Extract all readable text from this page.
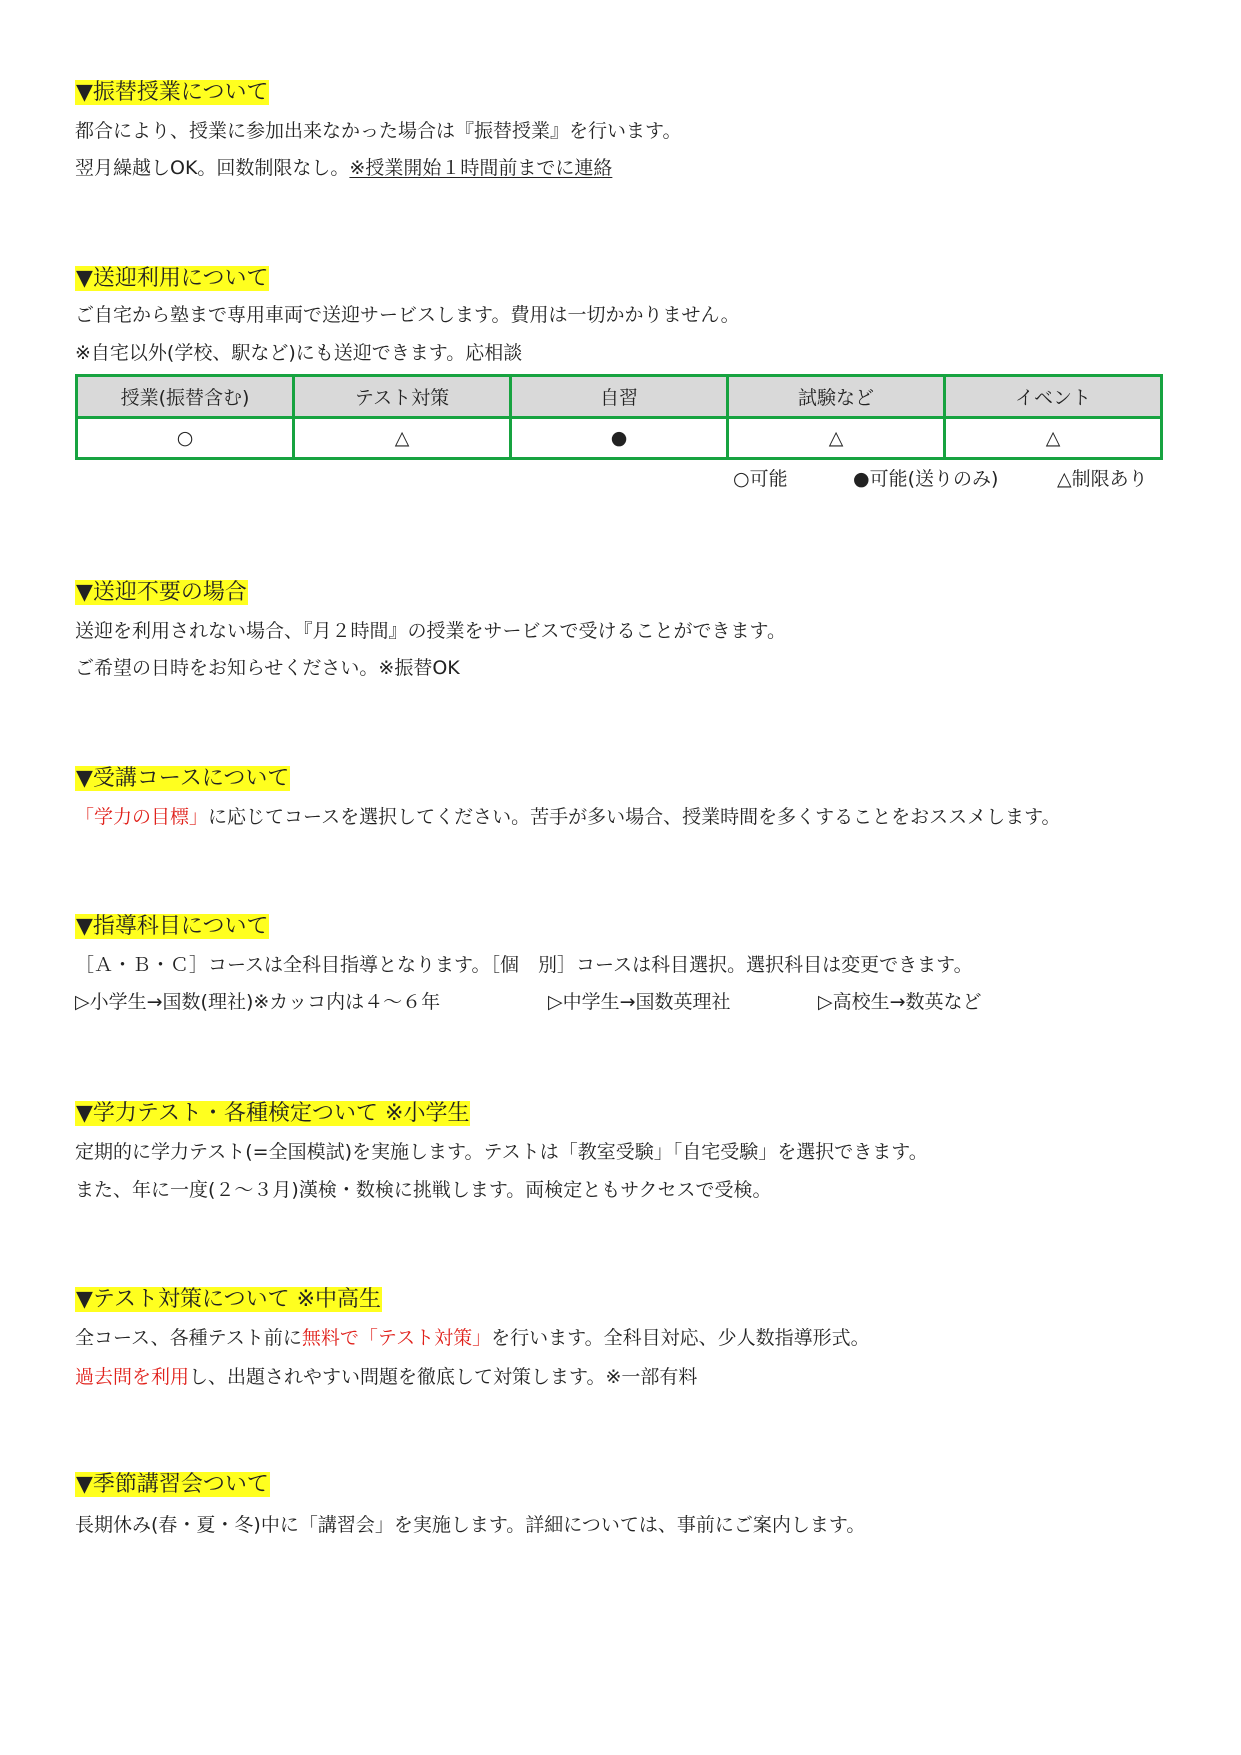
▼振替授業について

都合により、授業に参加出来なかった場合は『振替授業』を行います。

翌月繰越しOK。回数制限なし。※授業開始１時間前までに連絡

▼送迎利用について

ご自宅から塾まで専用車両で送迎サービスします。費用は一切かかりません。

※自宅以外(学校、駅など)にも送迎できます。応相談

授業(振替含む)	テスト対策	自習	試験など	イベント
○	△	●	△	△
○可能	●可能(送りのみ)	△制限あり
▼送迎不要の場合

送迎を利用されない場合、『月２時間』の授業をサービスで受けることができます。

ご希望の日時をお知らせください。※振替OK

▼受講コースについて

「学力の目標」に応じてコースを選択してください。苦手が多い場合、授業時間を多くすることをおススメします。

▼指導科目について

［Ａ・Ｂ・Ｃ］コースは全科目指導となります。［個　別］コースは科目選択。選択科目は変更できます。

▷小学生→国数(理社)※カッコ内は４～６年	▷中学生→国数英理社	▷高校生→数英など

▼学力テスト・各種検定ついて ※小学生

定期的に学力テスト(=全国模試)を実施します。テストは「教室受験」「自宅受験」を選択できます。

また、年に一度(２～３月)漢検・数検に挑戦します。両検定ともサクセスで受検。

▼テスト対策について ※中高生

全コース、各種テスト前に無料で「テスト対策」を行います。全科目対応、少人数指導形式。

過去問を利用し、出題されやすい問題を徹底して対策します。※一部有料

▼季節講習会ついて

長期休み(春・夏・冬)中に「講習会」を実施します。詳細については、事前にご案内します。
